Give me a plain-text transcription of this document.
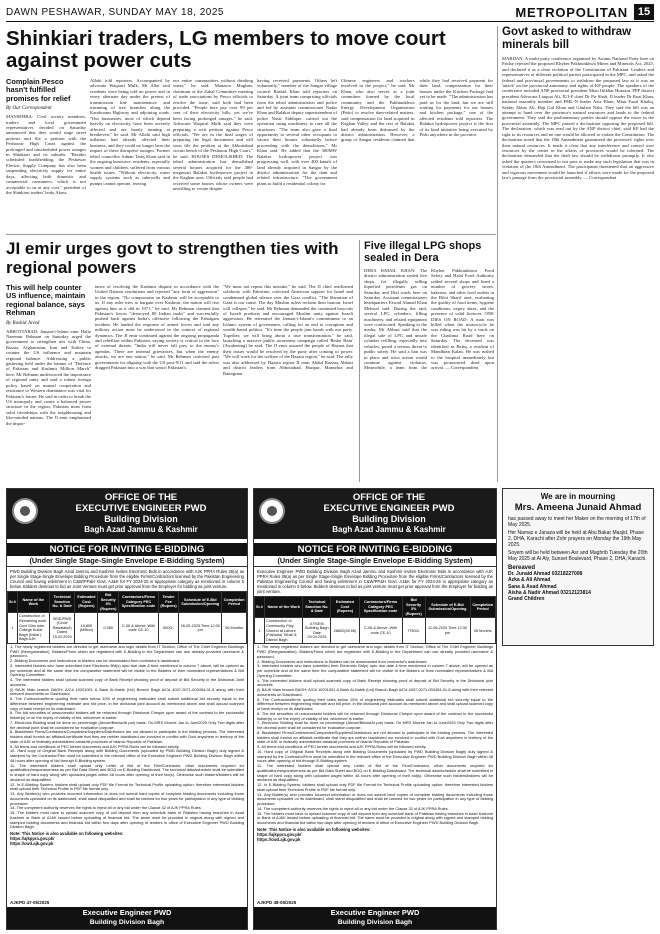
DAWN PESHAWAR, SUNDAY MAY 18, 2025	METROPOLITAN 15
Shinkiari traders, LG members to move court against power cuts
Complain Pesco hasn't fulfilled promises for relief
By Our Correspondent
MANSEHRA: Civil society members, traders and local government representatives decided on Saturday announced that they would stage street protests and file a petition with the Peshawar High Court against the prolonged and unscheduled power outages in Shinkiari and its suburbs. "Besides scheduled loadshedding, the Peshawar Electric Supply Company has also been suspending electricity supply for entire days, affecting both domestic and commercial consumers, which is not acceptable to us at any cost," president of the Shinkiari traders' body Abass
Allahi told reporters. Accompanied by advocate Waqarul Mulk, Mr Allai said residents were being told no power and in every alternate day under the pretext of transmission line maintenance and trimming of tree branches along the Karakoram Highway and adjoining roads. "Our businesses, most of which depend heavily on electricity, have been severely affected and are barely running at breakeven," he said. Mr Allahi said high inflation had already affected their business, and they could no longer bear the impact of these disruptive outages. Former tehsil councillor Adnan Tariq Khan said in the ongoing heatwave, residents, especially women and children, suffered from various health issues. "Without electricity, water supply systems such as tubewells and pumps cannot operate, leaving
our entire communities without drinking water," he said. Manzoor Mughan, chairman of the Zabal Committee meeting of trade associations by Pesco officials to resolve the issue, said both had been provided. "People here pay over 99 per cent of their electricity bills, yet we've been facing prolonged outages," he said. Advocate Waqarul Mulk said they were preparing a writ petition against Pesco officials. "We are in the final stages of preparing the legal documents and will soon file the petition at the Abbottabad circuit bench of the Peshawar High Court," he said. HOUSES DEMOLISHED: The tehsil administration has demolished several houses acquired for the 300-megawatt Balakot hydropower project in the Kaghan area. Officials said people had received some houses whose owners were unwilling to vacate despite
having received payments. Others left voluntarily," member of the Sangar village council Rashid Khan told reporters on Saturday. A joint team comprising officials from the tehsil administration and police and led by assistant commissioner Nadar Khan and Balakot deputy superintendent of police Nasir Siddique, carried out the operation using machinery to raze all the structures. "The team also gave a final opportunity to several other occupants to vacate their houses voluntarily before proceeding with the demolitions," Mr Khan said. He added that the 300MW Balakot hydropower project was progressing well, with over 400 kanals of land already acquired in Sangar by the district administration for the dam and related infrastructure. "The government plans to build a residential colony for
Chinese engineers and workers involved in the project," he said. Mr Khan, who also serves as a joint committee formed by the local community and the Pakhtunkhwa Energy Development Organisation (Pedo) to resolve dam-related matters, said compensation for land acquired in Kaghan Valley and the rest of Balakot had already been disbursed by the district administration. However, a group of Sangar residents claimed that while they had received payment for their land, compensation for their houses under the Kitchen Package had yet to be made. "The administration has paid us for the land, but we are still waiting for payments for our houses and kitchen package," one of the affected residents told reporters. The Balakot hydropower project is the first of its kind initiative being executed by Pedo anywhere in the province.
Govt asked to withdraw minerals bill
MARDAN: A multi-party conference organised by Awami National Party here on Friday rejected the proposed Khyber Pakhtunkhwa Mines and Minerals Act, 2025, and declared it as a clear violation of the Constitution of Pakistan. Leaders and representatives of different political parties participated in the MPC, and asked the federal and provincial governments to withdraw the proposed law as it was an 'attack' on the provincial autonomy and rights of KP people. The speakers of the conference included ANP provincial president Mian Iftikhar Hussain, PPP district president Advocate Liaquat Ali, JUI-F chief Dr Pir Shah, JI leader Dr Rozi Khan, national assembly member and PML-N leader Aziz Khan, Mian Fazal Khaliq, Sardar Akbar Ali, Haji Gul Khan and Ghulam Nabi. They said the bill was an attempt to hand over the province's natural resources and lands to the federal government. They said the parliamentary parties should oppose the move in the provincial assembly. The MPC passed a declaration opposing the proposed bill. The declaration, which was read out by the ANP district chief, said KP had the right to its resources and no one would be allowed to violate the Constitution. The declaration noted that the 18th Amendment guaranteed the provinces' rights over their natural resources. It made it clear that any interference and control over resources by the centre in the affairs of provinces would be tolerated. The declaration demanded that the draft law should be withdrawn promptly. It also asked the quarters concerned to not pass or make any such legislation that was in violation of the 18th Amendment. The participants threatened that an aggressive and vigorous movement would be launched if efforts were made for the proposed law's passage from the provincial assembly. — Correspondent
JI emir urges govt to strengthen ties with regional powers
This will help counter US influence, maintain regional balance, says Rehman
By Rashid Javed
ABBOTTABAD: Jamaat-i-Islami emir Hafiz Naeemur Rehman on Saturday urged the government to strengthen ties with China, Russia, Afghanistan, Iran and Turkey to counter the US influence and maintain regional balance. Addressing a public gathering held under the banner of "Defence of Pakistan and Kashmir Million March" here, Mr Rehman underscored the importance of regional unity and said a robust foreign policy based on mutual cooperation and resistance to Western dominance was vital for Pakistan's future. He said in order to break the US monopoly and create a balanced power structure in the region, Pakistan must form solid friendships with the neighbouring and like-minded nations. The JI emir emphasised the impor-
tance of resolving the Kashmir dispute in accordance with the United Nations resolutions and rejected "any form of aggression" in the region. "No compromise on Kashmir will be acceptable to us. If any ruler tries to bargain over Kashmir, the nation will rise against him as it did in 1971," he said. Mr Rehman claimed that Pakistan's forces "destroyed 80 Indian tanks" and successfully pushed back against India's offensive following the Pahalgam incident. He lauded the response of armed forces and said any military action must be understood in the context of regional dynamics. The JI emir continued against the ongoing propaganda and rebellion within Pakistan, saying society is critical in the face of external threats. "India will never fall prey to the enemy's agendas. There are internal grievances, but when the enemy attacks, we are one nation," he said. Mr Rehman criticised past governments for aligning with the US post-9/11 and said the rulers dragged Pakistan into a war that wasn't Pakistan's.
"We must not repeat this mistake," he said. The JI chief reaffirmed solidarity with Palestine, criticised American support for Israel and condemned global silence over the Gaza conflict. "The liberation of Gaza is our cause. The day Muslim rulers reclaim their honour, Israel will collapse," he said. Mr Rehman demanded the continued boycotts of Israeli products and encouraged Muslim unity against Israeli aggression. He reiterated the Jamaat-i-Islami's commitment to an Islamic system of governance, calling for an end to corruption and wealth-based politics. "It's time the people join hands with our party. Together, we will bring about a true transformation," he said, launching a massive public awareness campaign called 'Bedar Hain' (Awakening) he said. The JI emir assured the people of Hazara that their issues would be resolved by the party after coming to power. "We will work for the welfare of the Hazara region," he said. The rally was also addressed by Hazara region JI emir Abdul Razzaq Abbasi and district leaders from Abbottabad, Haripur, Mansehra and Battagram.
Five illegal LPG shops sealed in Dera
DERA ISMAIL KHAN: The district administration sealed five shops for illegally selling liquefied petroleum gas on Saturday and Dial roads here on Saturday. Assistant commissioner headquarters Fawad Ahmad Khan Mehsud said: During the raid, several LPG cylinders, filling machinery, and related equipment were confiscated. Speaking to the media, Mr Abbasi said that the illegal sale of LPG and unsafe cylinder refilling, especially into vehicles, posed a serious threat to public safety. He said a ban was in place and strict action would continue against violators. Meanwhile, a team from the Khyber Pakhtunkhwa Food Safety and Halal Food Authority raided several shops and fined a number of grocery stores, bakeries, and other food outlets in the Bilot Sharif area, evaluating the quality of food items, hygiene conditions, expiry dates, and the presence of valid licences. ONE DIES ON ROAD: A man was killed when the motorcycle he was riding was hit by a truck on the Chashma Road here on Saturday. The deceased was identified as Rafiq, a resident of Mandhran Kalan. He was rushed to the hospital immediately but was pronounced dead upon arrival. — Correspondent
We are in mourning
Mrs. Ameena Junaid Ahmad

has passed away to meet her Maker on the morning of 17th of May 2025.

Her Namaz e Janaza will be held at Abu Bakar Masjid, Phase 2, DHA, Karachi after Zohr prayers on Monday the 19th May 2025.

Soyem will be held between Asr and Maghrib Tuesday the 20th May 2025 at Al Aly, Sunset Boulevard, Phase 2, DHA, Karachi.

Bereaved
Dr. Junaid Ahmad 03218227008
Azka & Ali Ahmad
Sana & Asad Ahmad
Aisha & Nadir Ahmad 03212123814
Grand Children
OFFICE OF THE
EXECUTIVE ENGINEER PWD
Building Division
Bagh Azad Jammu & Kashmir
NOTICE FOR INVITING E-BIDDING
(Under Single Stage-Single Envelope E-Bidding System)
PWD Building Division Bagh Azad Jammu and Kashmir invites Electronic Bids in accordance with AJK PPRA Rules 36(a) as per Single Stage-Single Envelope Bidding Procedure from the eligible Firms/Contractors licensed by the Pakistan Engineering Council and having enlistment in C&W/PP&H Govt. AJ&K for FY 2024-25 in appropriate category as mentioned in column 5 below. Bidders desirous to bid as Joint Venture must get prior approval from the Employer for bidding as joint venture.
Sr.#	Name of the Work	Technical Sanction No. & Date	Estimated Cost (Rupees)	Bid Security 3% (Rupees)	Contractors/Firms Category PEC Specification code	Tender Fee (Rupees)	Schedule of E-Bid Submission/Opening	Completion Period
1	Construction of Remaining work Govt Girls Inter College Kullal Bagh (Initial ) Bagh AJK	SE/E/PWD (Circle Rawalakot) Dated 15.02.2025	18,805 (Million)	0.380	C-06 & Above; With code CE-10	5000/-	26-05-2025 Time 12:30 pm	06 Months
1- The newly registered bidders are directed to get username and login details from IT Section, Office of The Chief Engineer Buildings PWD (Reorganization). Bidders/Firms which are registered with E-Bidding in the Department can use already provided username & password.
2- Bidding Documents and instructions to bidders can be downloaded from contractor's dashboard.
3- Interested bidders who have submitted their Electronic Bid(s) upto due date & time mentioned in column 7 above, will be opened as per schedule and at the same time the comparative statement will be visible to the Bidders or their nominated representatives & Bid Opening Committee.
4- The interested bidders shall upload scanned copy of Bank Receipt showing proof of deposit of Bid Security in the Divisional Joint accounts.
(i) BAJK Main branch BAGH: A/C# 10201001 & Bank Al-Habib (Ltd) Branch Bagh A/C# 4007-0071-003454-01-8 along with their relevant documents on Dashboard.
5- The Contractors/firms quoting their rates below 10% of engineering estimates shall submit additional bid security equal to the difference between engineering estimate and bid price, in the divisional joint account as mentioned above and shall upload scanned copy of bank receipt on its dashboard.
6- The bid securities of unsuccessful bidders will be returned through Divisional Cheque upon award of the contract to the successful bidder(s) or on the expiry of validity of bid, whichever is earlier.
7- Electronic Bidding shall be done on percentage (Above/Below/At par) basis. On MRS Murree Jan to June2025 Only Two digits after the decimal point shall be considered for evaluation purpose.
8- Blacklisted Firms/Contractors/Companies/Suppliers/Distributors are not allowed to participate in the bidding process. The interested bidders shall furnish an affidavit-certificate that they are neither blacklisted nor involved in conflict with Govt anywhere in territory of the state of AJK or federally administered areas/all provinces of Islamic Republic of Pakistan.
9- All terms and conditions of PEC tender documents and AJK PPRA Rules will be followed strictly.
10- Hard copy of Original Bank Receipts along with Bidding Documents (uploaded by PWD Building Division Bagh) duly signed & stamped by the Contractor/Firm must be submitted in the relevant office of the Executive Engineer PWD Building Division Bagh within 48 hours after opening of bid through E-Bidding system.
11- The interested bidders shall upload only Letter of Bid of the Firm/Contractor, other documents required for qualification/responsiveness as per Bid Data Sheet and BOQ on E-Bidding Dashboard. The technical data/schedule shall be submitted in shape of hard copy along with uploaded pages within 48 hours after opening of their bid(s). Otherwise such bidders/bidders will be declared as disqualified.
12- In E-Bidding System, bidders shall upload only PDF file Format for Technical Profile uploading option; therefore interested bidders shall upload their Technical Profile in PDF file format only.
13- Any Bidder(s) who provides incorrect information or does not submit hard copies of complete bidding documents including those documents uploaded on its dashboard, shall stand disqualified and shall be banned for two years for participation in any type of bidding procedure.
14- The competent authority reserves the rights to reject all or any bid under the Clause 32 of AJK PPRA Rules.
15- The bidders must have to upload scanned copy of call deposit from any schedule bank of Pakistan having branches in Azad Kashmir or Bank of AJ&K issued before uploading of financial bid. The same must be provided in original along with signed and stamped bidding documents and financial bid within two days after opening of tenders in office of Executive Engineer PWD Building Division Bagh.
Note: This Notice is also available on following websites:
https://ajkppra.gov.pk/
https://cwd.ajk.gov.pk
AJKPD 47-05/2025
Executive Engineer PWD
Building Division Bagh
OFFICE OF THE
EXECUTIVE ENGINEER PWD
Building Division
Bagh Azad Jammu & Kashmir
NOTICE FOR INVITING E-BIDDING
(Under Single Stage-Single Envelope E-Bidding System)
Executive Engineer PWD Building Division Bagh Azad Jammu and Kashmir invites Electronic Bids in accordance with AJK PPRA Rules 36(a) as per Single Stage-Single Envelope Bidding Procedure from the eligible Firms/Contractors licensed by the Pakistan Engineering Council and having enlistment in C&W/PP&H Govt. AJ&K for FY 2024-25 in appropriate category as mentioned in column 5 below. Bidders desirous to bid as joint venture must get prior approval from the Employer for bidding as joint venture.
Sr.#	Name of the Work	Technical Sanction No. & Date	Estimated Cost (Rupees)	Contractors/Firms Category PEC Specification code	Bid Security 3% (Rupees)	Schedule of E-Bid Submission/Opening	Completion Period
1	Construction of Community Play Ground at Lahore (Fakhara) Tehsil & District Bagh	07/SE/B Building Bagh Date 29.04.2025	28652(28.56)	C-06 & Above; With code CE-10	77500/-	11-06-2025 Time 12:30 pm	06 Months
1- The newly registered bidders are directed to get username and login details from IT Section, Office of The Chief Engineer Buildings PWD (Reorganization). Bidders/Firms which are registered with E-Bidding in the Department can use already provided username & password.
2- Bidding Documents and instructions to Bidders can be downloaded from contractor's dashboard.
3- Interested bidders who have submitted their Electronic Bid(s) upto due date & time mentioned in column 7 above, will be opened as per schedule and at the same time the comparative statement will be visible to the Bidders or their nominated representatives & Bid Opening Committee.
4- The interested bidders shall upload scanned copy of Bank Receipt showing proof of deposit of Bid Security in the Divisional joint accounts.
(i) BAJK Main branch BAGH: A/C# 10201001 & Bank Al-Habib (Ltd) Branch Bagh A/C# 4007-0071-003454-01-8 along with their relevant documents on Dashboard.
5- The Contractors/firms quoting their rates below 10% of engineering estimates shall submit additional bid security equal to the difference between engineering estimate and bid price, in the divisional joint account as mentioned above and shall upload scanned copy of bank receipt on its dashboard.
6- The bid securities of unsuccessful bidders will be returned through Divisional Cheque upon award of the contract to the successful bidder(s) or on the expiry of validity of bid, whichever is earlier.
7- Electronic Bidding shall be done on percentage (Above/Below/At par) basis. On MRS Murree Jan to June2025 Only Two digits after the decimal point shall be considered for evaluation purpose.
8- Blacklisted Firms/Contractors/Companies/Suppliers/Distributors are not allowed to participate in the bidding process. The interested bidders shall furnish an affidavit-certificate that they are neither blacklisted nor involved in conflict with Govt anywhere in territory of the state of AJK or federally administered areas/all provinces of Islamic Republic of Pakistan.
9- All terms and conditions of PEC tender documents and AJK PPRA Rules will be followed strictly.
10- Hard copy of Original Bank Receipts along with Bidding Documents (uploaded by PWD Building Division Bagh) duly signed & stamped by the Contractor/Firm must be submitted in the relevant office of the Executive Engineer PWD Building Division Bagh within 48 hours after opening of bid through E-Bidding system.
11- The interested bidders shall upload only Letter of Bid of the Firm/Contractor, other documents required for qualification/responsiveness as per Bid Data Sheet and BOQ on E-Bidding Dashboard. The technical data/schedule shall be submitted in shape of hard copy along with uploaded pages within 48 hours after opening of their bid(s). Otherwise such bidders/bidders will be declared as disqualified.
12- In E-Bidding System, bidders shall upload only PDF file Format for Technical Profile uploading option; therefore interested bidders shall upload their Technical Profile in PDF file format only.
13- Any Bidder(s) who provides incorrect information or does not submit hard copies of complete bidding documents including those documents uploaded on its dashboard, shall stand disqualified and shall be banned for two years for participation in any type of bidding procedure.
14- The competent authority reserves the rights to reject all or any bid under the Clause 32 of AJK PPRA Rules.
15- The bidders must have to upload scanned copy of call deposit from any schedule bank of Pakistan having branches in Azad Kashmir or Bank of AJ&K issued before uploading of financial bid. The same must be provided in original along with signed and stamped bidding documents and financial bid within two days after opening of tenders in office of Executive Engineer PWD Building Division Bagh.
Note: This Notice is also available on following websites:
https://ajkppra.gov.pk/
https://cwd.ajk.gov.pk
AJKPD 48-05/2025
Executive Engineer PWD
Building Division Bagh
